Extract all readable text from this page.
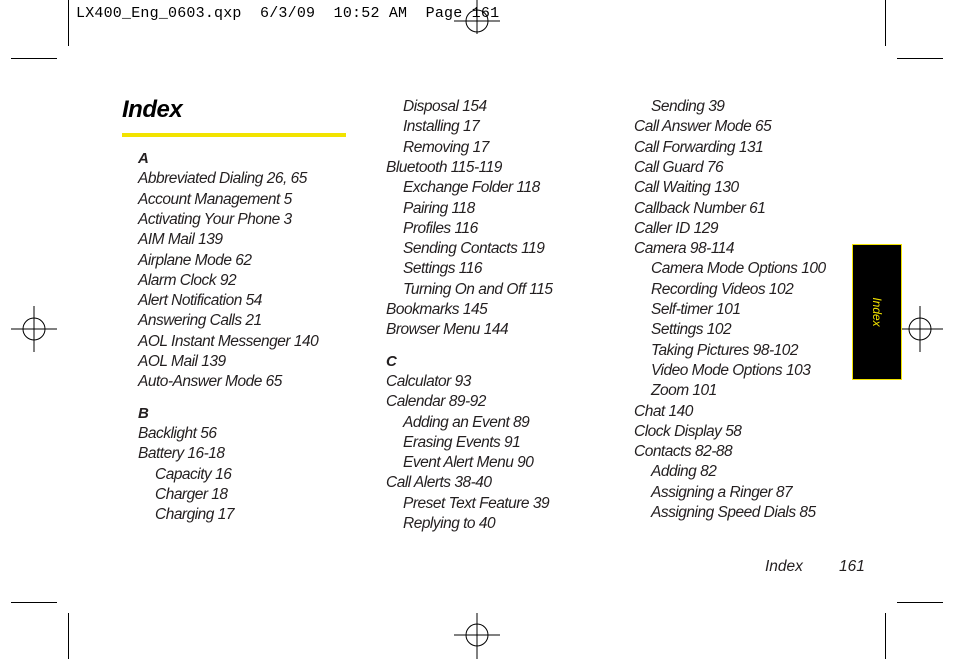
LX400_Eng_0603.qxp  6/3/09  10:52 AM  Page 161
Index
A
Abbreviated Dialing 26, 65
Account Management 5
Activating Your Phone 3
AIM Mail 139
Airplane Mode 62
Alarm Clock 92
Alert Notification 54
Answering Calls 21
AOL Instant Messenger 140
AOL Mail 139
Auto-Answer Mode 65
B
Backlight 56
Battery 16-18
Capacity 16
Charger 18
Charging 17
Disposal 154
Installing 17
Removing 17
Bluetooth 115-119
Exchange Folder 118
Pairing 118
Profiles 116
Sending Contacts 119
Settings 116
Turning On and Off 115
Bookmarks 145
Browser Menu 144
C
Calculator 93
Calendar 89-92
Adding an Event 89
Erasing Events 91
Event Alert Menu 90
Call Alerts 38-40
Preset Text Feature 39
Replying to 40
Sending 39
Call Answer Mode 65
Call Forwarding 131
Call Guard 76
Call Waiting 130
Callback Number 61
Caller ID 129
Camera 98-114
Camera Mode Options 100
Recording Videos 102
Self-timer 101
Settings 102
Taking Pictures 98-102
Video Mode Options 103
Zoom 101
Chat 140
Clock Display 58
Contacts 82-88
Adding 82
Assigning a Ringer 87
Assigning Speed Dials 85
Index
Index 161
